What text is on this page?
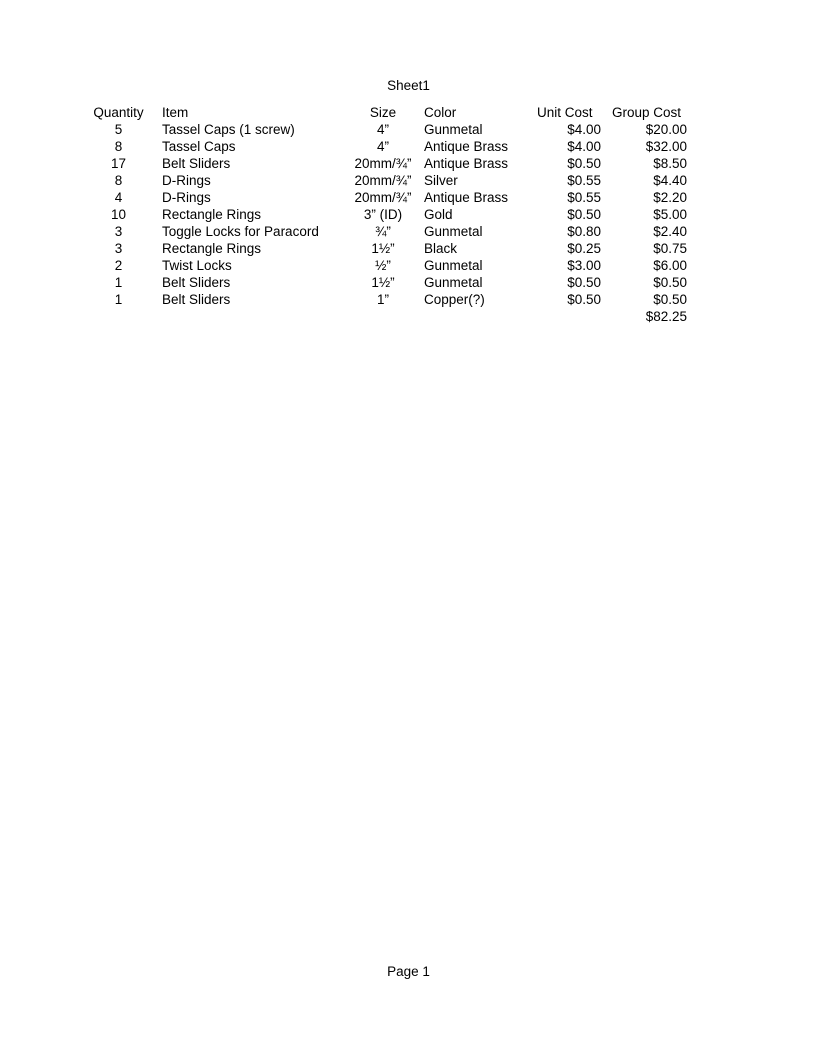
Sheet1
Quantity	Item	Size	Color	Unit Cost	Group Cost
5	Tassel Caps (1 screw)	4”	Gunmetal	$4.00	$20.00
8	Tassel Caps	4”	Antique Brass	$4.00	$32.00
17	Belt Sliders	20mm/¾”	Antique Brass	$0.50	$8.50
8	D-Rings	20mm/¾”	Silver	$0.55	$4.40
4	D-Rings	20mm/¾”	Antique Brass	$0.55	$2.20
10	Rectangle Rings	3” (ID)	Gold	$0.50	$5.00
3	Toggle Locks for Paracord	¾”	Gunmetal	$0.80	$2.40
3	Rectangle Rings	1½”	Black	$0.25	$0.75
2	Twist Locks	½”	Gunmetal	$3.00	$6.00
1	Belt Sliders	1½”	Gunmetal	$0.50	$0.50
1	Belt Sliders	1”	Copper(?)	$0.50	$0.50
					$82.25
Page 1
